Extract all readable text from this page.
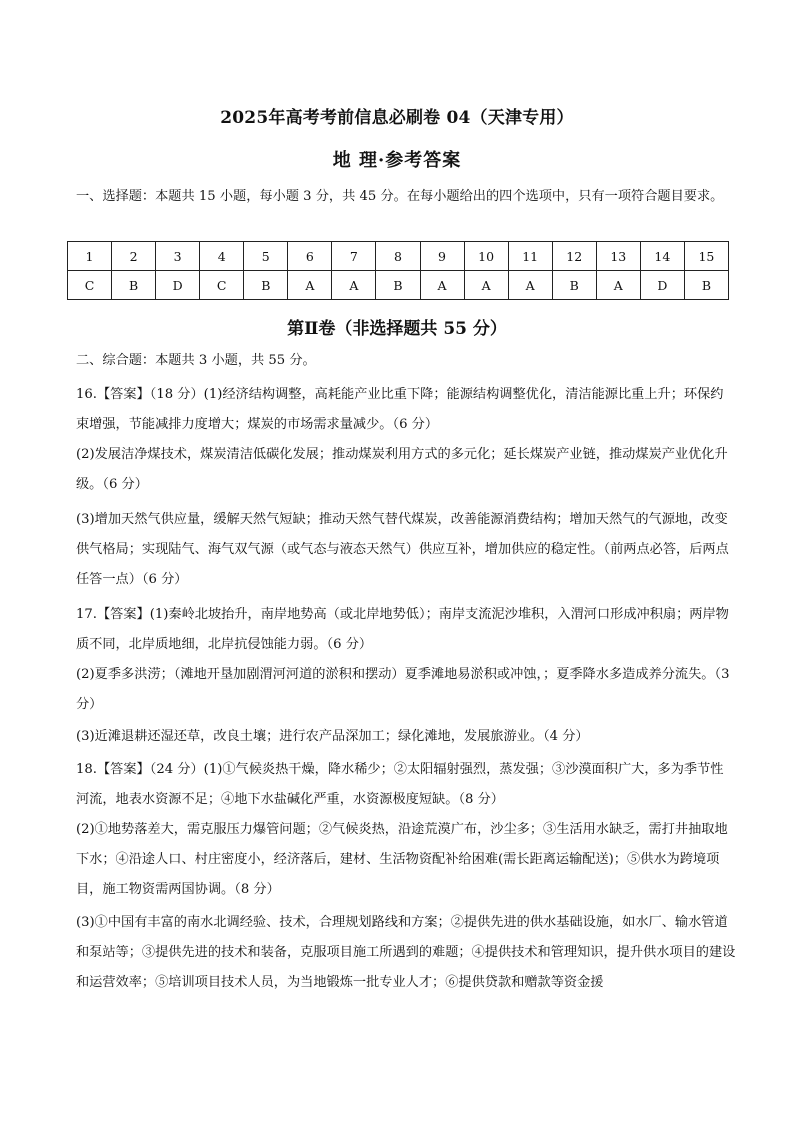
2025年高考考前信息必刷卷 04（天津专用）
地 理·参考答案
一、选择题：本题共 15 小题，每小题 3 分，共 45 分。在每小题给出的四个选项中，只有一项符合题目要求。
1	2	3	4	5	6	7	8	9	10	11	12	13	14	15
C	B	D	C	B	A	A	B	A	A	A	B	A	D	B
第Ⅱ卷（非选择题共 55 分）
二、综合题：本题共 3 小题，共 55 分。
16.【答案】（18 分）(1)经济结构调整，高耗能产业比重下降；能源结构调整优化，清洁能源比重上升；环保约束增强，节能减排力度增大；煤炭的市场需求量减少。（6 分）
(2)发展洁净煤技术，煤炭清洁低碳化发展；推动煤炭利用方式的多元化；延长煤炭产业链，推动煤炭产业优化升级。（6 分）
(3)增加天然气供应量，缓解天然气短缺；推动天然气替代煤炭，改善能源消费结构；增加天然气的气源地，改变供气格局；实现陆气、海气双气源（或气态与液态天然气）供应互补，增加供应的稳定性。（前两点必答，后两点任答一点）（6 分）
17.【答案】(1)秦岭北坡抬升，南岸地势高（或北岸地势低）；南岸支流泥沙堆积，入渭河口形成冲积扇；两岸物质不同，北岸质地细，北岸抗侵蚀能力弱。（6 分）
(2)夏季多洪涝；（滩地开垦加剧渭河河道的淤积和摆动）夏季滩地易淤积或冲蚀，；夏季降水多造成养分流失。（3 分）
(3)近滩退耕还湿还草，改良土壤；进行农产品深加工；绿化滩地，发展旅游业。（4 分）
18.【答案】（24 分）(1)①气候炎热干燥，降水稀少；②太阳辐射强烈，蒸发强；③沙漠面积广大，多为季节性河流，地表水资源不足；④地下水盐碱化严重，水资源极度短缺。（8 分）
(2)①地势落差大，需克服压力爆管问题；②气候炎热，沿途荒漠广布，沙尘多；③生活用水缺乏，需打井抽取地下水；④沿途人口、村庄密度小，经济落后，建材、生活物资配补给困难(需长距离运输配送)；⑤供水为跨境项目，施工物资需两国协调。（8 分）
(3)①中国有丰富的南水北调经验、技术，合理规划路线和方案；②提供先进的供水基础设施，如水厂、输水管道和泵站等；③提供先进的技术和装备，克服项目施工所遇到的难题；④提供技术和管理知识，提升供水项目的建设和运营效率；⑤培训项目技术人员，为当地锻炼一批专业人才；⑥提供贷款和赠款等资金援
